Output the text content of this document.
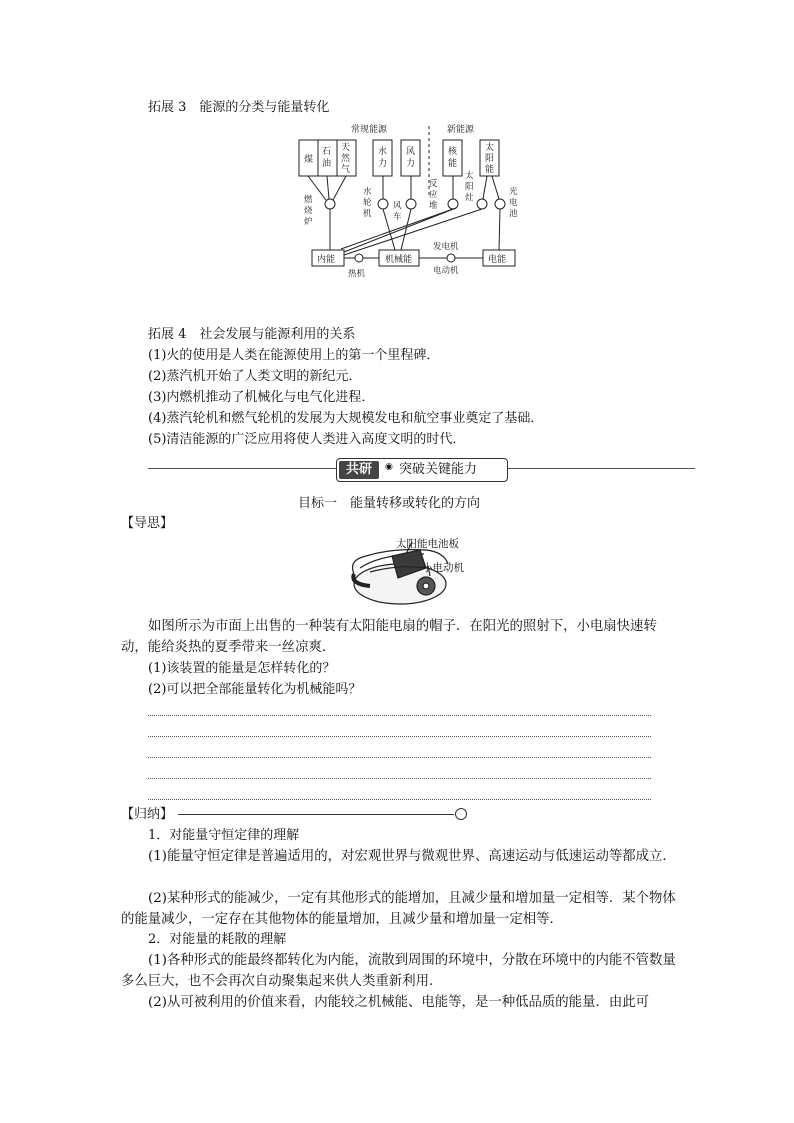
拓展 3　能源的分类与能量转化
常规能源	新能源
煤
石
油
天
然
气
水
力
风
力
核
能
太
阳
能
燃
烧
炉
水
轮
机
风
车
反
应
堆
太
阳
灶
光
电
池
内能	机械能	电能
热机
发电机
电动机
拓展 4　社会发展与能源利用的关系
(1)火的使用是人类在能源使用上的第一个里程碑．
(2)蒸汽机开始了人类文明的新纪元．
(3)内燃机推动了机械化与电气化进程．
(4)蒸汽轮机和燃气轮机的发展为大规模发电和航空事业奠定了基础．
(5)清洁能源的广泛应用将使人类进入高度文明的时代．
共研	◉ 突破关键能力
目标一　能量转移或转化的方向
【导思】
太阳能电池板
小电动机
如图所示为市面上出售的一种装有太阳能电扇的帽子．在阳光的照射下，小电扇快速转动，能给炎热的夏季带来一丝凉爽．
(1)该装置的能量是怎样转化的？
(2)可以把全部能量转化为机械能吗？
【归纳】
1．对能量守恒定律的理解
(1)能量守恒定律是普遍适用的，对宏观世界与微观世界、高速运动与低速运动等都成立．
(2)某种形式的能减少，一定有其他形式的能增加，且减少量和增加量一定相等．某个物体的能量减少，一定存在其他物体的能量增加，且减少量和增加量一定相等．
2．对能量的耗散的理解
(1)各种形式的能最终都转化为内能，流散到周围的环境中，分散在环境中的内能不管数量多么巨大，也不会再次自动聚集起来供人类重新利用．
(2)从可被利用的价值来看，内能较之机械能、电能等，是一种低品质的能量．由此可
